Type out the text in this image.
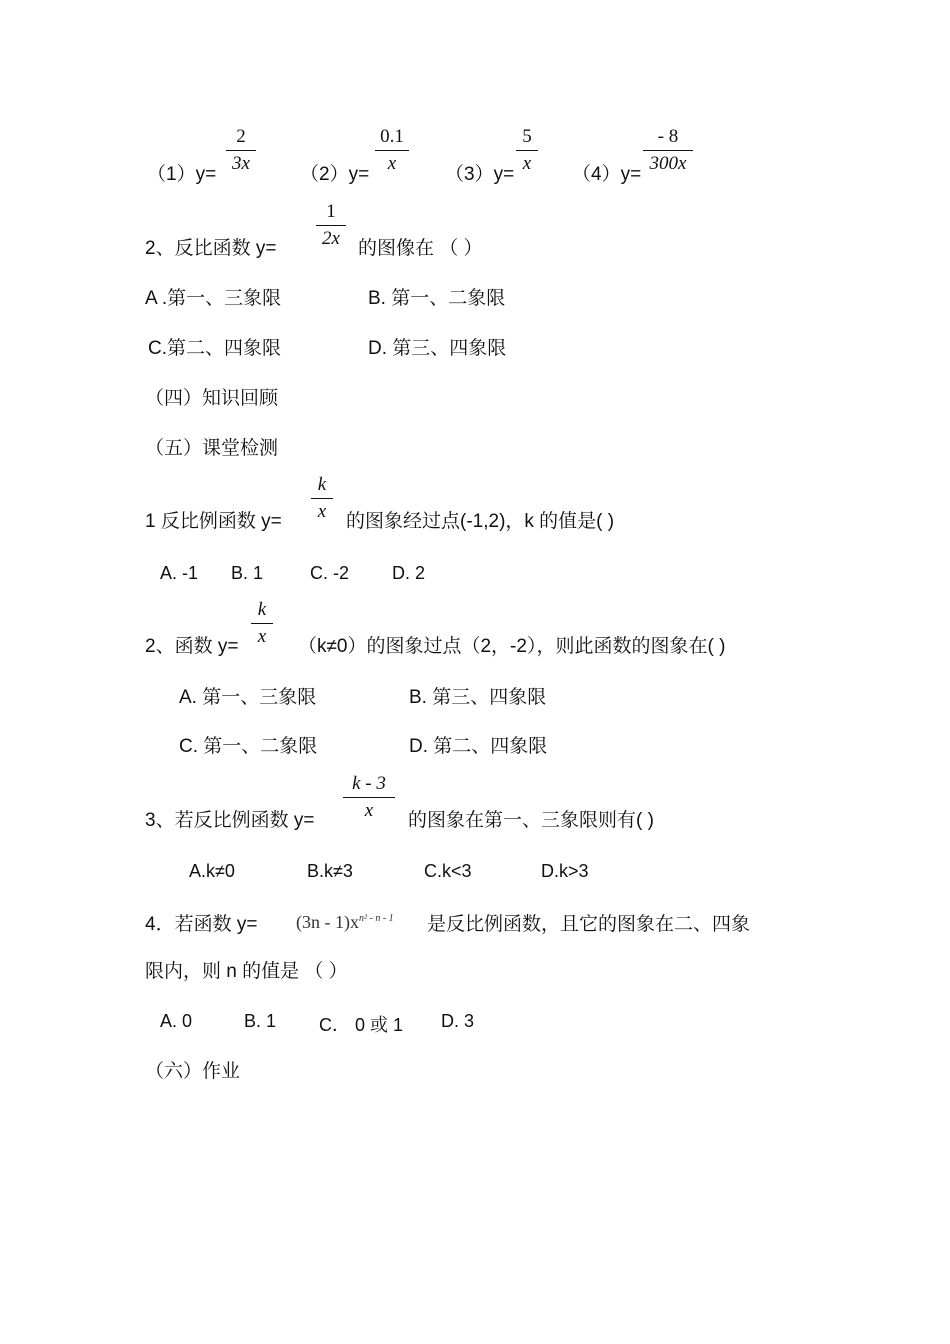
$(1)y= \frac{2}{3x} (2)y= \frac{0.1}{x} (3)y= \frac{5}{x} (4)y= \frac{- 8}{300x}$
2、反比函数 $y= \frac{1}{2x}$ 的图像在 （ ）
A .第一、三象限	B. 第一、二象限
C.第二、四象限	D. 第三、四象限
（四）知识回顾
（五）课堂检测
1 反比例函数 $y= \frac{k}{x}$ 的图象经过点(-1,2)，k 的值是( )
A. -1 B. 1	C. -2 D. 2
2、函数 $y= \frac{k}{x} (k\ne 0)$的图象过点（2，-2），则此函数的图象在( )
A. 第一、三象限	B. 第三、四象限
C. 第一、二象限	D. 第二、四象限
3、若反比例函数 $y= \frac{k - 3}{x}$ 的图象在第一、三象限则有( )
A.k≠0	B.k≠3	C.k<3	D.k>3
4．若函数 $y= (3n - 1)x^{n^2 - n - 1}$ 是反比例函数，且它的图象在二、四象
限内，则 n 的值是 （ ）
A. 0	B. 1 C． 0 或 1 D. 3
（六）作业
